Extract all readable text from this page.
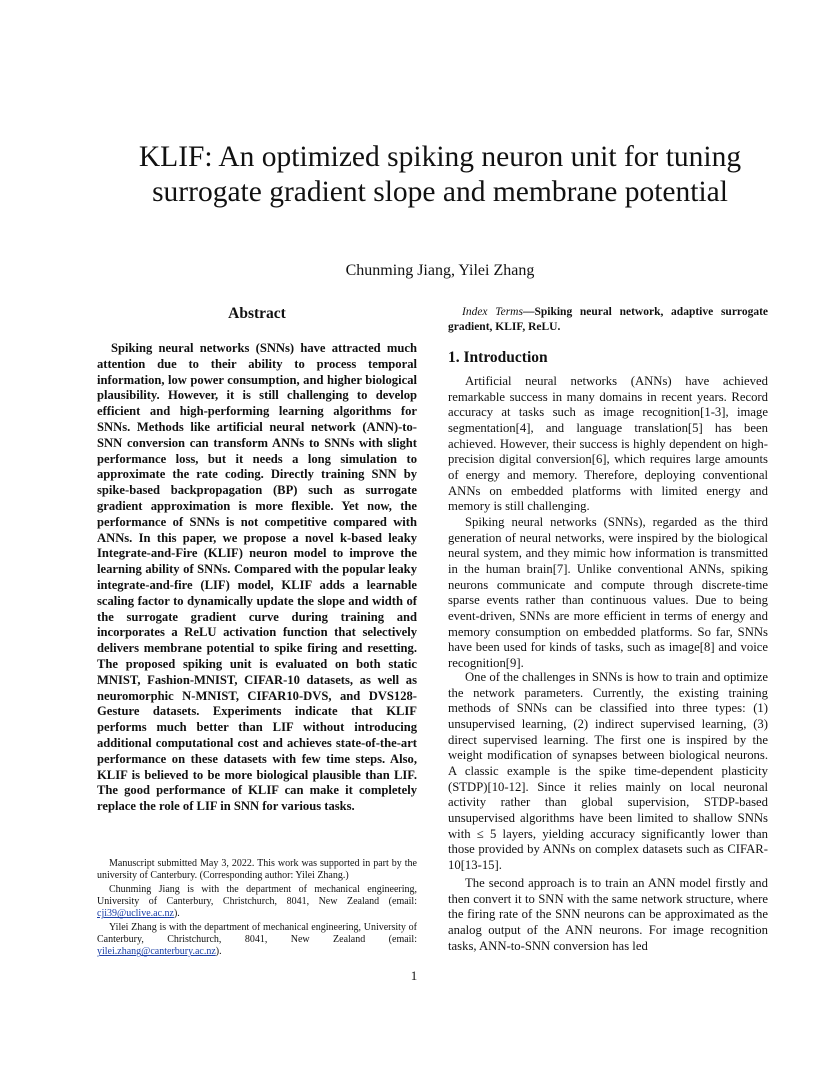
KLIF: An optimized spiking neuron unit for tuning surrogate gradient slope and membrane potential

Chunming Jiang, Yilei Zhang

Abstract

Spiking neural networks (SNNs) have attracted much attention due to their ability to process temporal information, low power consumption, and higher biological plausibility. However, it is still challenging to develop efficient and high-performing learning algorithms for SNNs. Methods like artificial neural network (ANN)-to-SNN conversion can transform ANNs to SNNs with slight performance loss, but it needs a long simulation to approximate the rate coding. Directly training SNN by spike-based backpropagation (BP) such as surrogate gradient approximation is more flexible. Yet now, the performance of SNNs is not competitive compared with ANNs. In this paper, we propose a novel k-based leaky Integrate-and-Fire (KLIF) neuron model to improve the learning ability of SNNs. Compared with the popular leaky integrate-and-fire (LIF) model, KLIF adds a learnable scaling factor to dynamically update the slope and width of the surrogate gradient curve during training and incorporates a ReLU activation function that selectively delivers membrane potential to spike firing and resetting. The proposed spiking unit is evaluated on both static MNIST, Fashion-MNIST, CIFAR-10 datasets, as well as neuromorphic N-MNIST, CIFAR10-DVS, and DVS128-Gesture datasets. Experiments indicate that KLIF performs much better than LIF without introducing additional computational cost and achieves state-of-the-art performance on these datasets with few time steps. Also, KLIF is believed to be more biological plausible than LIF. The good performance of KLIF can make it completely replace the role of LIF in SNN for various tasks.

Manuscript submitted May 3, 2022. This work was supported in part by the university of Canterbury. (Corresponding author: Yilei Zhang.)

Chunming Jiang is with the department of mechanical engineering, University of Canterbury, Christchurch, 8041, New Zealand (email: cji39@uclive.ac.nz).

Yilei Zhang is with the department of mechanical engineering, University of Canterbury, Christchurch, 8041, New Zealand (email: yilei.zhang@canterbury.ac.nz).

Index Terms—Spiking neural network, adaptive surrogate gradient, KLIF, ReLU.

1. Introduction

Artificial neural networks (ANNs) have achieved remarkable success in many domains in recent years. Record accuracy at tasks such as image recognition[1-3], image segmentation[4], and language translation[5] has been achieved. However, their success is highly dependent on high-precision digital conversion[6], which requires large amounts of energy and memory. Therefore, deploying conventional ANNs on embedded platforms with limited energy and memory is still challenging.

Spiking neural networks (SNNs), regarded as the third generation of neural networks, were inspired by the biological neural system, and they mimic how information is transmitted in the human brain[7]. Unlike conventional ANNs, spiking neurons communicate and compute through discrete-time sparse events rather than continuous values. Due to being event-driven, SNNs are more efficient in terms of energy and memory consumption on embedded platforms. So far, SNNs have been used for kinds of tasks, such as image[8] and voice recognition[9].

One of the challenges in SNNs is how to train and optimize the network parameters. Currently, the existing training methods of SNNs can be classified into three types: (1) unsupervised learning, (2) indirect supervised learning, (3) direct supervised learning. The first one is inspired by the weight modification of synapses between biological neurons. A classic example is the spike time-dependent plasticity (STDP)[10-12]. Since it relies mainly on local neuronal activity rather than global supervision, STDP-based unsupervised algorithms have been limited to shallow SNNs with ≤ 5 layers, yielding accuracy significantly lower than those provided by ANNs on complex datasets such as CIFAR-10[13-15].

The second approach is to train an ANN model firstly and then convert it to SNN with the same network structure, where the firing rate of the SNN neurons can be approximated as the analog output of the ANN neurons. For image recognition tasks, ANN-to-SNN conversion has led

1
